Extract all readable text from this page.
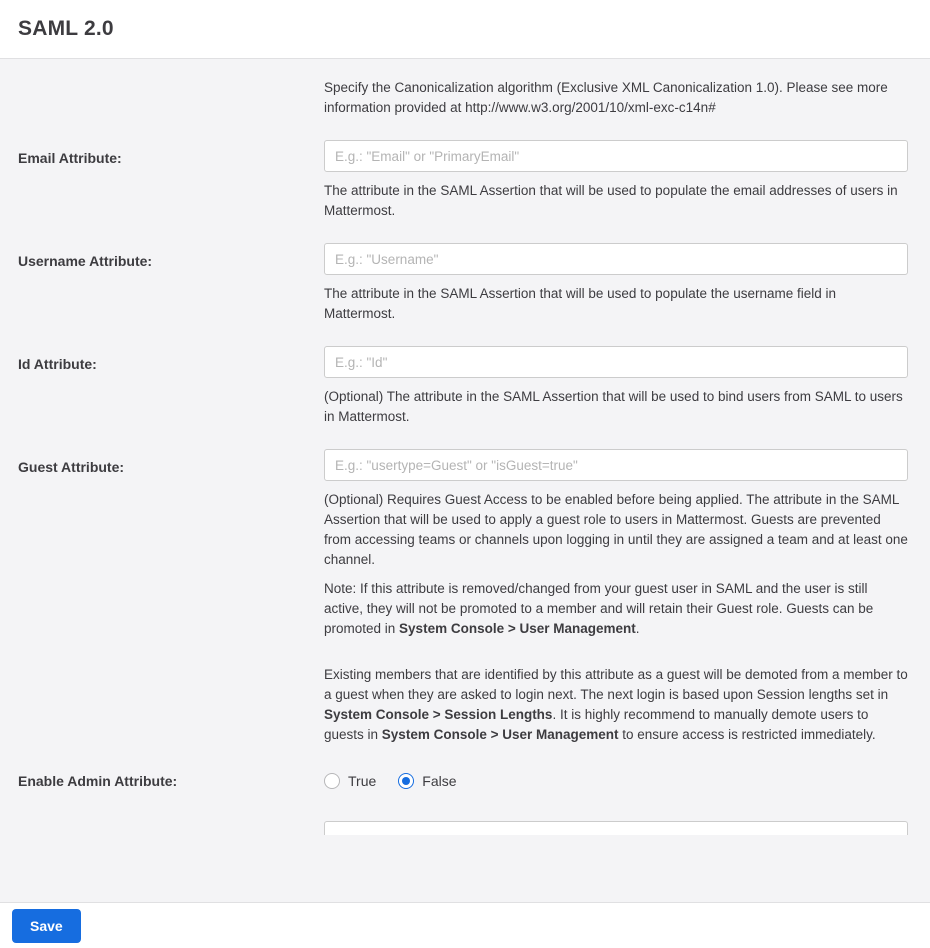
SAML 2.0

Specify the Canonicalization algorithm (Exclusive XML Canonicalization 1.0). Please see more information provided at http://www.w3.org/2001/10/xml-exc-c14n#

Email Attribute:
E.g.: "Email" or "PrimaryEmail"

The attribute in the SAML Assertion that will be used to populate the email addresses of users in Mattermost.

Username Attribute:
E.g.: "Username"

The attribute in the SAML Assertion that will be used to populate the username field in Mattermost.

Id Attribute:
E.g.: "Id"

(Optional) The attribute in the SAML Assertion that will be used to bind users from SAML to users in Mattermost.

Guest Attribute:
E.g.: "usertype=Guest" or "isGuest=true"

(Optional) Requires Guest Access to be enabled before being applied. The attribute in the SAML Assertion that will be used to apply a guest role to users in Mattermost. Guests are prevented from accessing teams or channels upon logging in until they are assigned a team and at least one channel.

Note: If this attribute is removed/changed from your guest user in SAML and the user is still active, they will not be promoted to a member and will retain their Guest role. Guests can be promoted in System Console > User Management.

Existing members that are identified by this attribute as a guest will be demoted from a member to a guest when they are asked to login next. The next login is based upon Session lengths set in System Console > Session Lengths. It is highly recommend to manually demote users to guests in System Console > User Management to ensure access is restricted immediately.

Enable Admin Attribute:	True	False
Save
